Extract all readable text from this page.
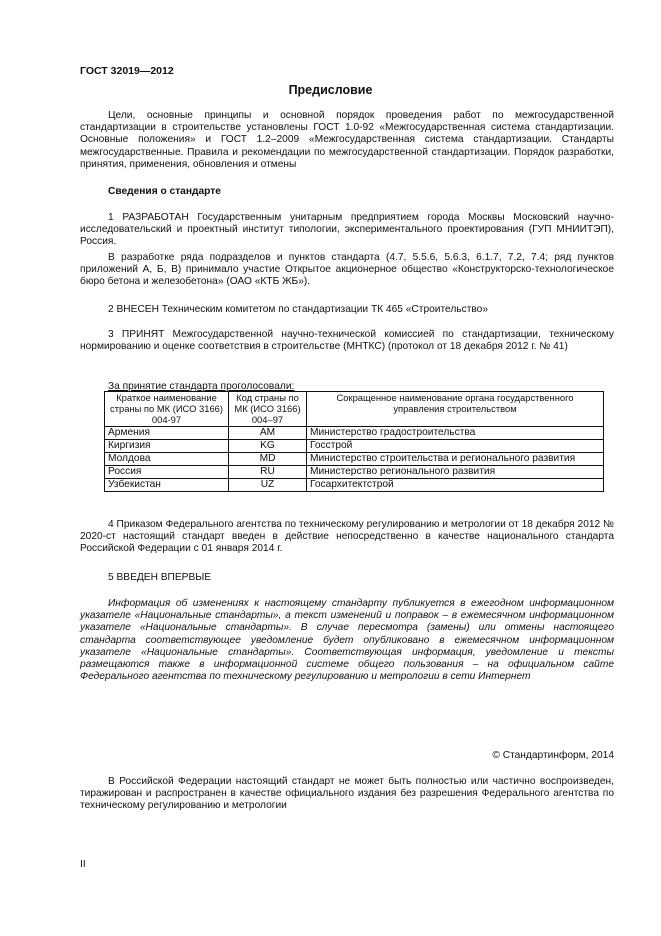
ГОСТ 32019—2012
Предисловие

Цели, основные принципы и основной порядок проведения работ по межгосударственной стандартизации в строительстве установлены ГОСТ 1.0-92 «Межгосударственная система стандартизации. Основные положения» и ГОСТ 1.2–2009 «Межгосударственная система стандартизации. Стандарты межгосударственные. Правила и рекомендации по межгосударственной стандартизации. Порядок разработки, принятия, применения, обновления и отмены

Сведения о стандарте

1 РАЗРАБОТАН Государственным унитарным предприятием города Москвы Московский научно-исследовательский и проектный институт типологии, экспериментального проектирования (ГУП МНИИТЭП), Россия.

В разработке ряда подразделов и пунктов стандарта (4.7, 5.5.6, 5.6.3, 6.1.7, 7.2, 7.4; ряд пунктов приложений А, Б, В) принимало участие Открытое акционерное общество «Конструкторско-технологическое бюро бетона и железобетона» (ОАО «КТБ ЖБ»).

2 ВНЕСЕН Техническим комитетом по стандартизации ТК 465 «Строительство»

3 ПРИНЯТ Межгосударственной научно-технической комиссией по стандартизации, техническому нормированию и оценке соответствия в строительстве (МНТКС) (протокол от 18 декабря 2012 г. № 41)

За принятие стандарта проголосовали:
Краткое наименование страны по МК (ИСО 3166) 004-97	Код страны по МК (ИСО 3166) 004–97	Сокращенное наименование органа государственного управления строительством
Армения	AM	Министерство градостроительства
Киргизия	KG	Госстрой
Молдова	MD	Министерство строительства и регионального развития
Россия	RU	Министерство регионального развития
Узбекистан	UZ	Госархитектстрой

4 Приказом Федерального агентства по техническому регулированию и метрологии от 18 декабря 2012 № 2020-ст настоящий стандарт введен в действие непосредственно в качестве национального стандарта Российской Федерации с 01 января 2014 г.

5 ВВЕДЕН ВПЕРВЫЕ

Информация об изменениях к настоящему стандарту публикуется в ежегодном информационном указателе «Национальные стандарты», а текст изменений и поправок – в ежемесячном информационном указателе «Национальные стандарты». В случае пересмотра (замены) или отмены настоящего стандарта соответствующее уведомление будет опубликовано в ежемесячном информационном указателе «Национальные стандарты». Соответствующая информация, уведомление и тексты размещаются также в информационной системе общего пользования – на официальном сайте Федерального агентства по техническому регулированию и метрологии в сети Интернет

© Стандартинформ, 2014

В Российской Федерации настоящий стандарт не может быть полностью или частично воспроизведен, тиражирован и распространен в качестве официального издания без разрешения Федерального агентства по техническому регулированию и метрологии

II
